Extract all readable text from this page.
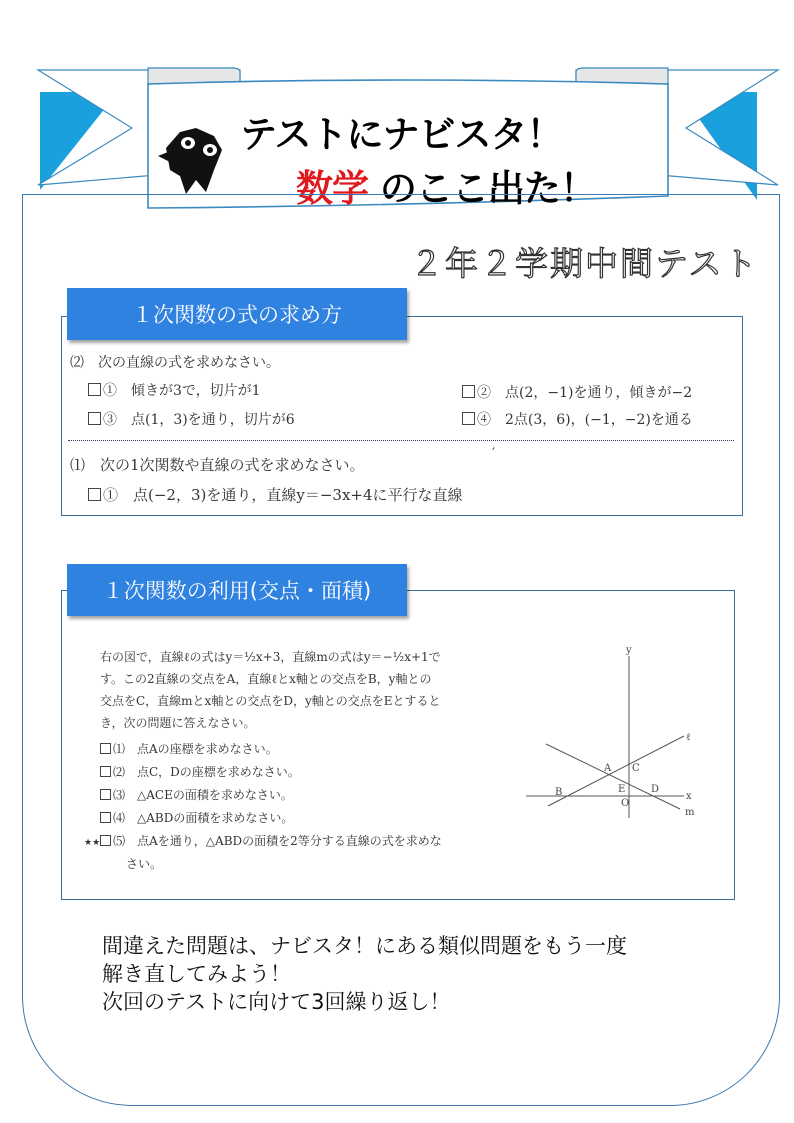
テストにナビスタ！
数学 のここ出た！
２年２学期中間テスト
１次関数の式の求め方
⑵　次の直線の式を求めなさい。
①　傾きが3で，切片が1	②　点(2，−1)を通り，傾きが−2
③　点(1，3)を通り，切片が6	④　2点(3，6)，(−1，−2)を通る
′
⑴　次の1次関数や直線の式を求めなさい。
①　点(−2，3)を通り，直線y＝−3x+4に平行な直線
１次関数の利用(交点・面積)
右の図で，直線ℓの式はy＝½x+3，直線mの式はy＝−½x+1で
す。この2直線の交点をA，直線ℓとx軸との交点をB，y軸との
交点をC，直線mとx軸との交点をD，y軸との交点をEとすると
き，次の問題に答えなさい。
⑴　点Aの座標を求めなさい。
⑵　点C，Dの座標を求めなさい。
⑶　△ACEの面積を求めなさい。
⑷　△ABDの面積を求めなさい。
★★ ⑸　点Aを通り，△ABDの面積を2等分する直線の式を求めな
さい。
y
ℓ
m
x
A
B
C
D
E
O
間違えた問題は、ナビスタ！にある類似問題をもう一度
解き直してみよう！
次回のテストに向けて3回繰り返し！
